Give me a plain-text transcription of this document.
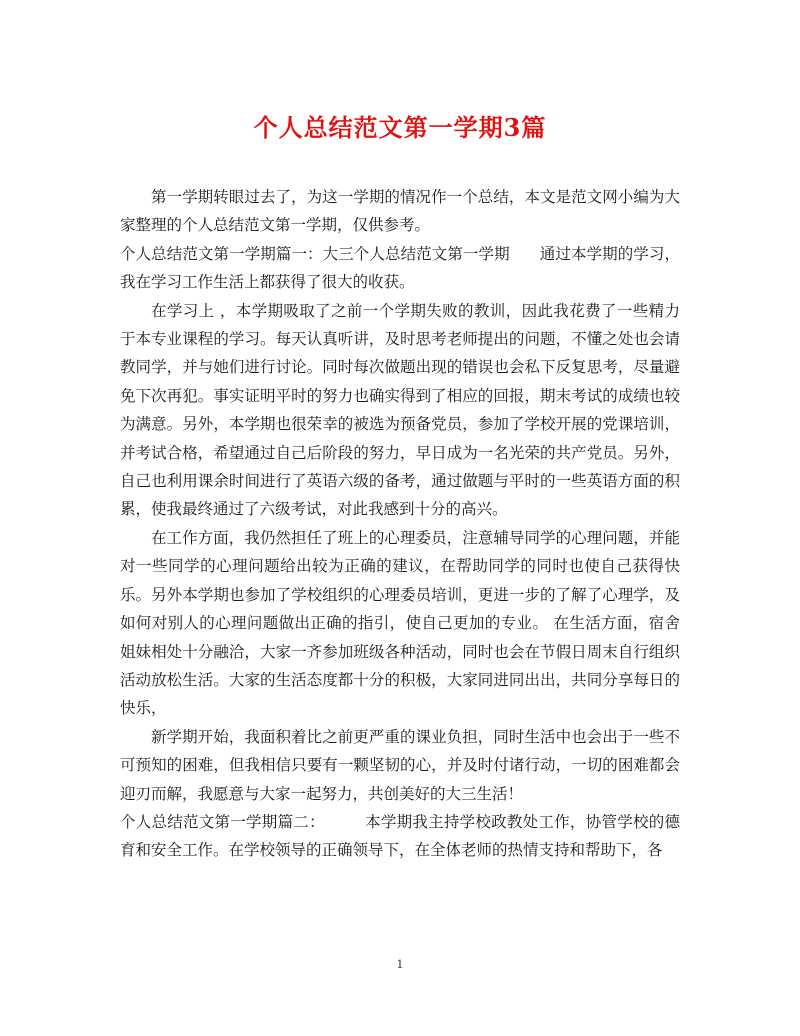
个人总结范文第一学期3篇

第一学期转眼过去了，为这一学期的情况作一个总结，本文是范文网小编为大家整理的个人总结范文第一学期，仅供参考。

个人总结范文第一学期篇一：大三个人总结范文第一学期 通过本学期的学习，我在学习工作生活上都获得了很大的收获。

在学习上 ，本学期吸取了之前一个学期失败的教训，因此我花费了一些精力于本专业课程的学习。每天认真听讲，及时思考老师提出的问题，不懂之处也会请教同学，并与她们进行讨论。同时每次做题出现的错误也会私下反复思考，尽量避免下次再犯。事实证明平时的努力也确实得到了相应的回报，期末考试的成绩也较为满意。另外，本学期也很荣幸的被选为预备党员，参加了学校开展的党课培训，并考试合格，希望通过自己后阶段的努力，早日成为一名光荣的共产党员。另外，自己也利用课余时间进行了英语六级的备考，通过做题与平时的一些英语方面的积累，使我最终通过了六级考试，对此我感到十分的高兴。

在工作方面，我仍然担任了班上的心理委员，注意辅导同学的心理问题，并能对一些同学的心理问题给出较为正确的建议，在帮助同学的同时也使自己获得快乐。另外本学期也参加了学校组织的心理委员培训，更进一步的了解了心理学，及如何对别人的心理问题做出正确的指引，使自己更加的专业。 在生活方面，宿舍姐妹相处十分融洽，大家一齐参加班级各种活动，同时也会在节假日周末自行组织活动放松生活。大家的生活态度都十分的积极，大家同进同出出，共同分享每日的快乐，

新学期开始，我面积着比之前更严重的课业负担，同时生活中也会出于一些不可预知的困难，但我相信只要有一颗坚韧的心，并及时付诸行动，一切的困难都会迎刃而解，我愿意与大家一起努力，共创美好的大三生活！

个人总结范文第一学期篇二：	本学期我主持学校政教处工作，协管学校的德育和安全工作。在学校领导的正确领导下，在全体老师的热情支持和帮助下，各

1
